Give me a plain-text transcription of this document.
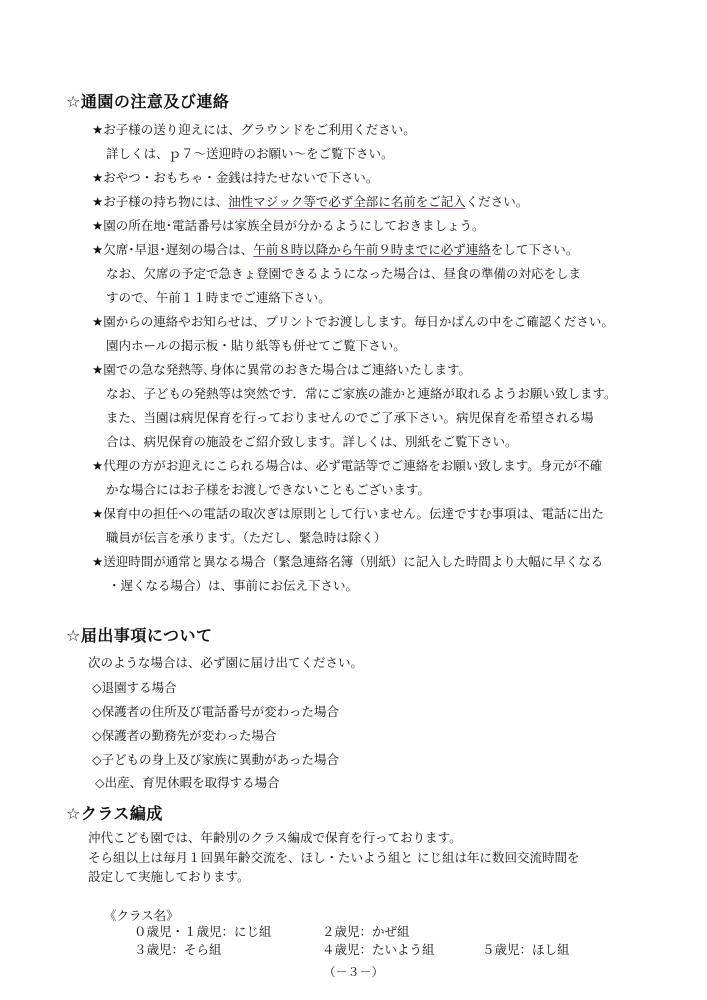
☆通園の注意及び連絡
★お子様の送り迎えには、グラウンドをご利用ください。
詳しくは、ｐ７～送迎時のお願い～をご覧下さい。
★おやつ・おもちゃ・金銭は持たせないで下さい。
★お子様の持ち物には、油性マジック等で必ず全部に名前をご記入ください。
★園の所在地･電話番号は家族全員が分かるようにしておきましょう。
★欠席･早退･遅刻の場合は、午前８時以降から午前９時までに必ず連絡をして下さい。
なお、欠席の予定で急きょ登園できるようになった場合は、昼食の準備の対応をしま
すので、午前１１時までご連絡下さい。
★園からの連絡やお知らせは、プリントでお渡しします。毎日かばんの中をご確認ください。
園内ホールの掲示板・貼り紙等も併せてご覧下さい。
★園での急な発熱等､身体に異常のおきた場合はご連絡いたします。
なお、子どもの発熱等は突然です．常にご家族の誰かと連絡が取れるようお願い致します。
また、当園は病児保育を行っておりませんのでご了承下さい。病児保育を希望される場
合は、病児保育の施設をご紹介致します。詳しくは、別紙をご覧下さい。
★代理の方がお迎えにこられる場合は、必ず電話等でご連絡をお願い致します。身元が不確
かな場合にはお子様をお渡しできないこともございます。
★保育中の担任への電話の取次ぎは原則として行いません。伝達ですむ事項は、電話に出た
職員が伝言を承ります。（ただし、緊急時は除く）
★送迎時間が通常と異なる場合（緊急連絡名簿（別紙）に記入した時間より大幅に早くなる
・遅くなる場合）は、事前にお伝え下さい。
☆届出事項について
次のような場合は、必ず園に届け出てください。
◇退園する場合
◇保護者の住所及び電話番号が変わった場合
◇保護者の勤務先が変わった場合
◇子どもの身上及び家族に異動があった場合
◇出産、育児休暇を取得する場合
☆クラス編成
沖代こども園では、年齢別のクラス編成で保育を行っております。
そら組以上は毎月１回異年齢交流を、ほし・たいよう組と にじ組は年に数回交流時間を
設定して実施しております。
《クラス名》
０歳児・１歳児：にじ組	２歳児：かぜ組
３歳児：そら組	４歳児：たいよう組	５歳児：ほし組
（－３－）
